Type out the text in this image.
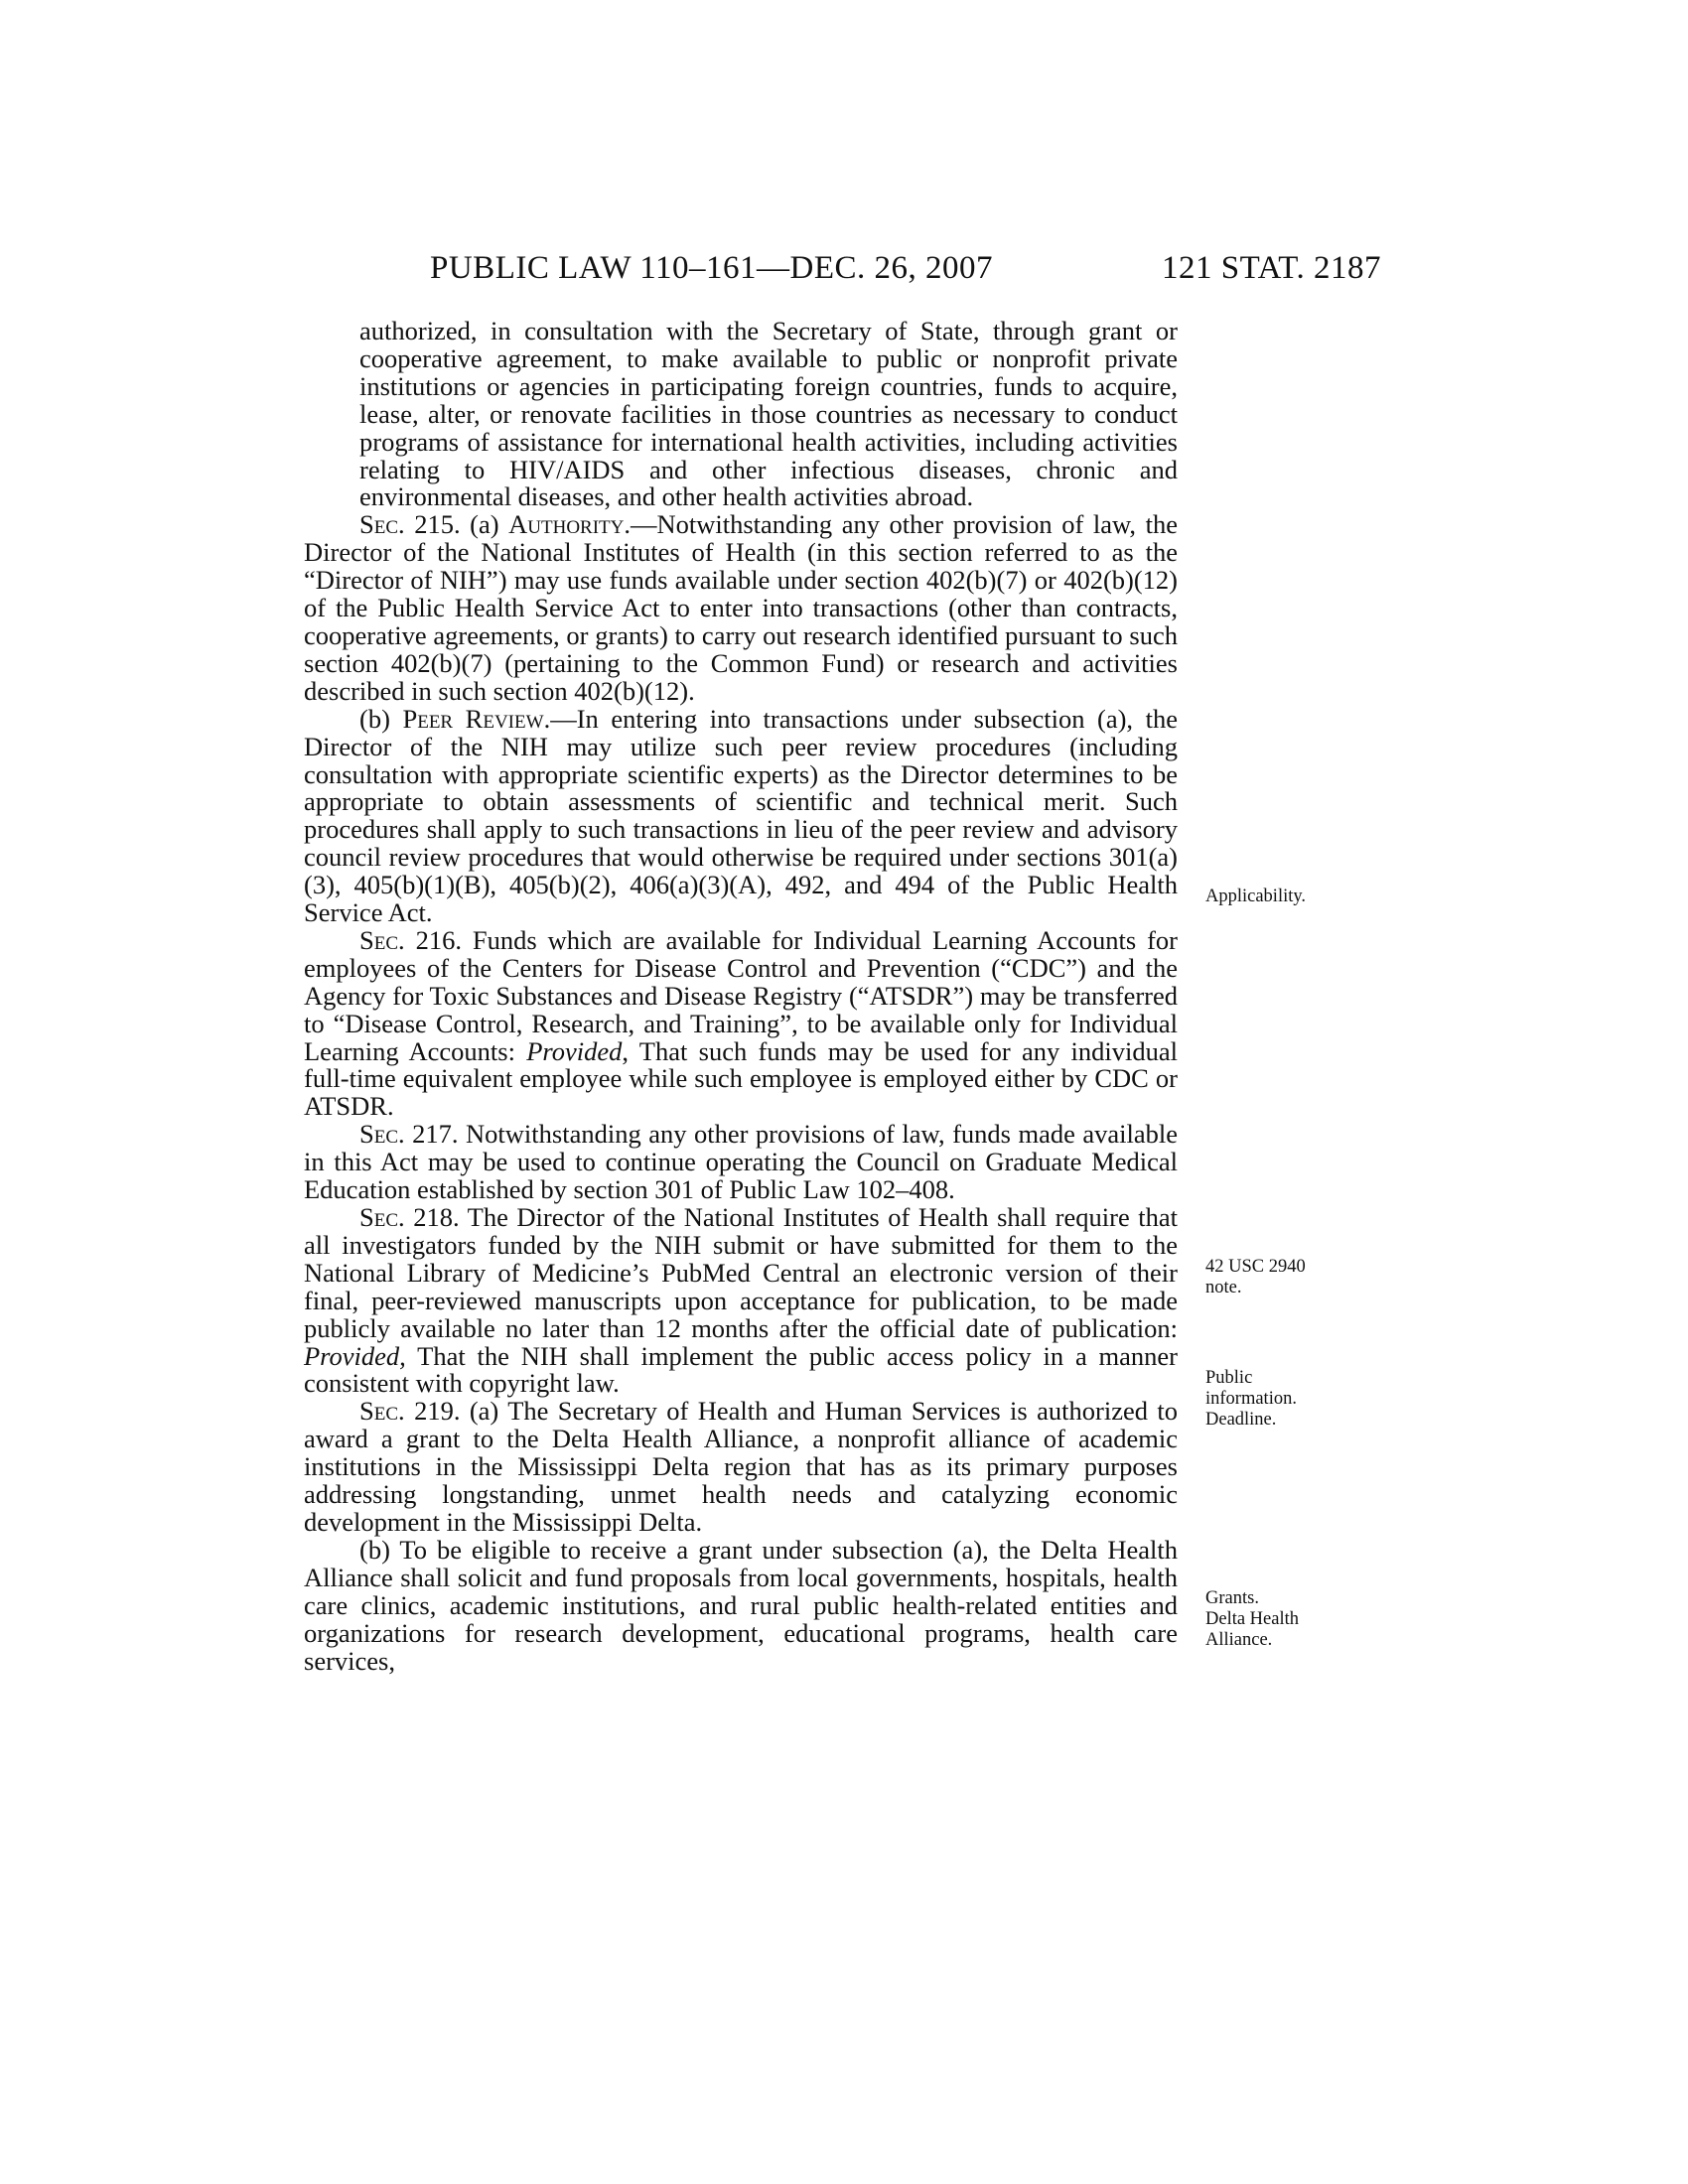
PUBLIC LAW 110–161—DEC. 26, 2007	121 STAT. 2187

authorized, in consultation with the Secretary of State, through grant or cooperative agreement, to make available to public or nonprofit private institutions or agencies in participating foreign countries, funds to acquire, lease, alter, or renovate facilities in those countries as necessary to conduct programs of assistance for international health activities, including activities relating to HIV/AIDS and other infectious diseases, chronic and environmental diseases, and other health activities abroad.

Sec. 215. (a) Authority.—Notwithstanding any other provision of law, the Director of the National Institutes of Health (in this section referred to as the “Director of NIH”) may use funds available under section 402(b)(7) or 402(b)(12) of the Public Health Service Act to enter into transactions (other than contracts, cooperative agreements, or grants) to carry out research identified pursuant to such section 402(b)(7) (pertaining to the Common Fund) or research and activities described in such section 402(b)(12).

(b) Peer Review.—In entering into transactions under subsection (a), the Director of the NIH may utilize such peer review procedures (including consultation with appropriate scientific experts) as the Director determines to be appropriate to obtain assessments of scientific and technical merit. Such procedures shall apply to such transactions in lieu of the peer review and advisory council review procedures that would otherwise be required under sections 301(a)(3), 405(b)(1)(B), 405(b)(2), 406(a)(3)(A), 492, and 494 of the Public Health Service Act.

Sec. 216. Funds which are available for Individual Learning Accounts for employees of the Centers for Disease Control and Prevention (“CDC”) and the Agency for Toxic Substances and Disease Registry (“ATSDR”) may be transferred to “Disease Control, Research, and Training”, to be available only for Individual Learning Accounts: Provided, That such funds may be used for any individual full-time equivalent employee while such employee is employed either by CDC or ATSDR.

Sec. 217. Notwithstanding any other provisions of law, funds made available in this Act may be used to continue operating the Council on Graduate Medical Education established by section 301 of Public Law 102–408.

Sec. 218. The Director of the National Institutes of Health shall require that all investigators funded by the NIH submit or have submitted for them to the National Library of Medicine’s PubMed Central an electronic version of their final, peer-reviewed manuscripts upon acceptance for publication, to be made publicly available no later than 12 months after the official date of publication: Provided, That the NIH shall implement the public access policy in a manner consistent with copyright law.

Sec. 219. (a) The Secretary of Health and Human Services is authorized to award a grant to the Delta Health Alliance, a nonprofit alliance of academic institutions in the Mississippi Delta region that has as its primary purposes addressing longstanding, unmet health needs and catalyzing economic development in the Mississippi Delta.

(b) To be eligible to receive a grant under subsection (a), the Delta Health Alliance shall solicit and fund proposals from local governments, hospitals, health care clinics, academic institutions, and rural public health-related entities and organizations for research development, educational programs, health care services,

Applicability.
42 USC 2940
note.
Public
information.
Deadline.
Grants.
Delta Health
Alliance.
